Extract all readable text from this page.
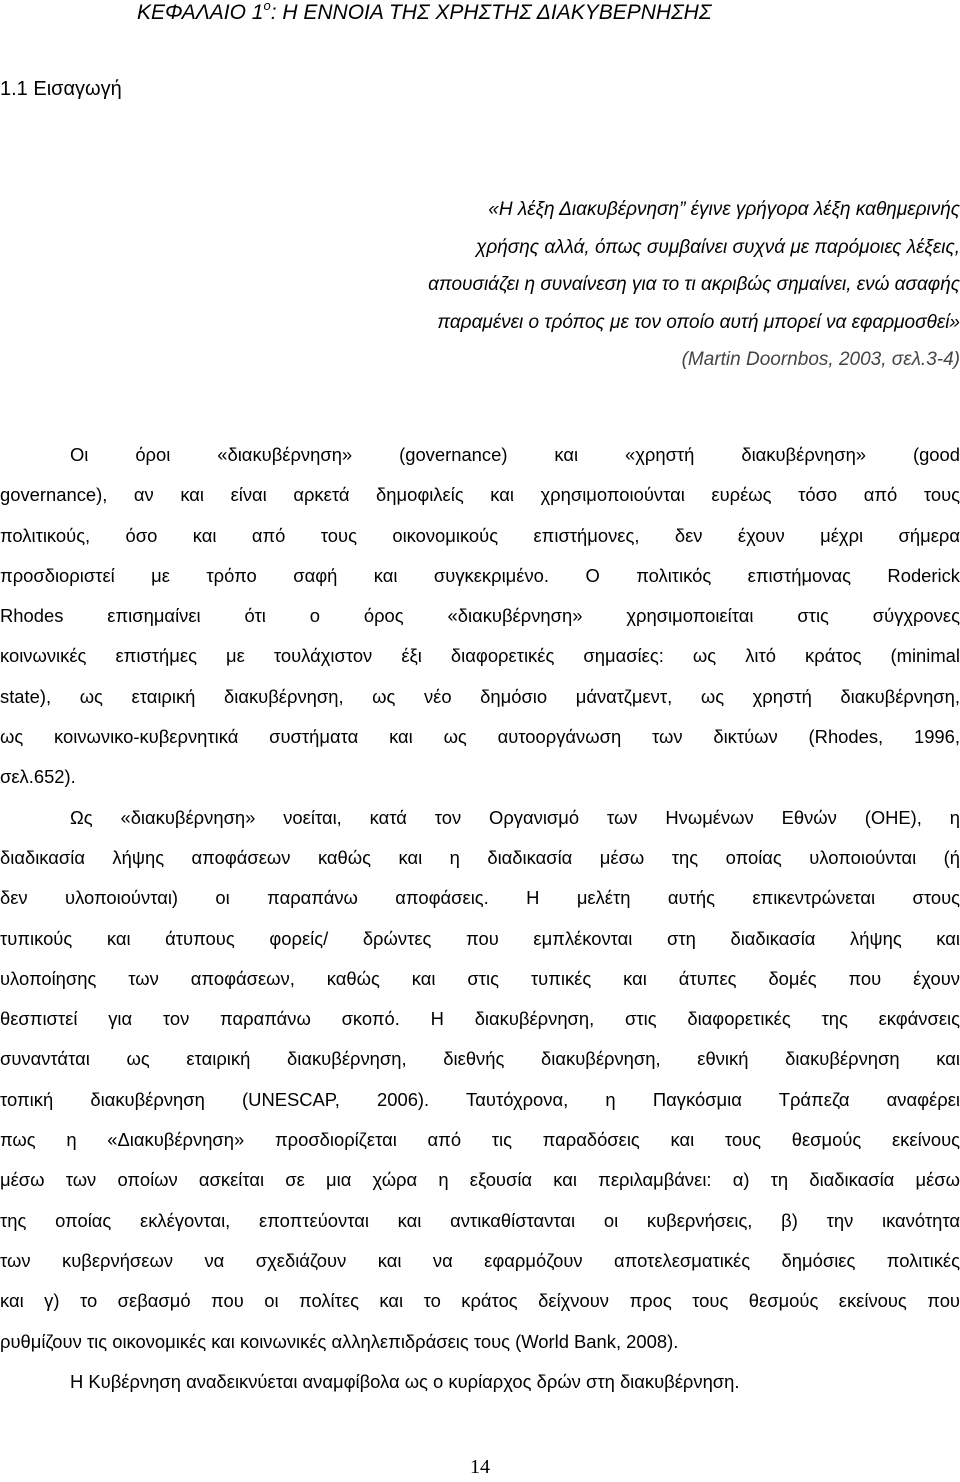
ΚΕΦΑΛΑΙΟ $1^o$: Η ΕΝΝΟΙΑ ΤΗΣ ΧΡΗΣΤΗΣ ΔΙΑΚΥΒΕΡΝΗΣΗΣ
1.1 Εισαγωγή
«Η λέξη Διακυβέρνηση” έγινε γρήγορα λέξη καθημερινής
χρήσης αλλά, όπως συμβαίνει συχνά με παρόμοιες λέξεις,
απουσιάζει η συναίνεση για το τι ακριβώς σημαίνει, ενώ ασαφής
παραμένει ο τρόπος με τον οποίο αυτή μπορεί να εφαρμοσθεί»
(Martin Doornbos, 2003, σελ.3-4)
Οι όροι «διακυβέρνηση» (governance) και «χρηστή διακυβέρνηση» (good
governance), αν και είναι αρκετά δημοφιλείς και χρησιμοποιούνται ευρέως τόσο από τους
πολιτικούς, όσο και από τους οικονομικούς επιστήμονες, δεν έχουν μέχρι σήμερα
προσδιοριστεί με τρόπο σαφή και συγκεκριμένο. Ο πολιτικός επιστήμονας Roderick
Rhodes επισημαίνει ότι ο όρος «διακυβέρνηση» χρησιμοποιείται στις σύγχρονες
κοινωνικές επιστήμες με τουλάχιστον έξι διαφορετικές σημασίες: ως λιτό κράτος (minimal
state), ως εταιρική διακυβέρνηση, ως νέο δημόσιο μάνατζμεντ, ως χρηστή διακυβέρνηση,
ως κοινωνικο-κυβερνητικά συστήματα και ως αυτοοργάνωση των δικτύων (Rhodes, 1996,
σελ.652).
Ως «διακυβέρνηση» νοείται, κατά τον Οργανισμό των Ηνωμένων Εθνών (ΟΗΕ), η
διαδικασία λήψης αποφάσεων καθώς και η διαδικασία μέσω της οποίας υλοποιούνται (ή
δεν υλοποιούνται) οι παραπάνω αποφάσεις. Η μελέτη αυτής επικεντρώνεται στους
τυπικούς και άτυπους φορείς/ δρώντες που εμπλέκονται στη διαδικασία λήψης και
υλοποίησης των αποφάσεων, καθώς και στις τυπικές και άτυπες δομές που έχουν
θεσπιστεί για τον παραπάνω σκοπό. Η διακυβέρνηση, στις διαφορετικές της εκφάνσεις
συναντάται ως εταιρική διακυβέρνηση, διεθνής διακυβέρνηση, εθνική διακυβέρνηση και
τοπική διακυβέρνηση (UNESCAP, 2006). Ταυτόχρονα, η Παγκόσμια Τράπεζα αναφέρει
πως η «Διακυβέρνηση» προσδιορίζεται από τις παραδόσεις και τους θεσμούς εκείνους
μέσω των οποίων ασκείται σε μια χώρα η εξουσία και περιλαμβάνει: α) τη διαδικασία μέσω
της οποίας εκλέγονται, εποπτεύονται και αντικαθίστανται οι κυβερνήσεις, β) την ικανότητα
των κυβερνήσεων να σχεδιάζουν και να εφαρμόζουν αποτελεσματικές δημόσιες πολιτικές
και γ) το σεβασμό που οι πολίτες και το κράτος δείχνουν προς τους θεσμούς εκείνους που
ρυθμίζουν τις οικονομικές και κοινωνικές αλληλεπιδράσεις τους (World Bank, 2008).
Η Κυβέρνηση αναδεικνύεται αναμφίβολα ως ο κυρίαρχος δρών στη διακυβέρνηση.
14
